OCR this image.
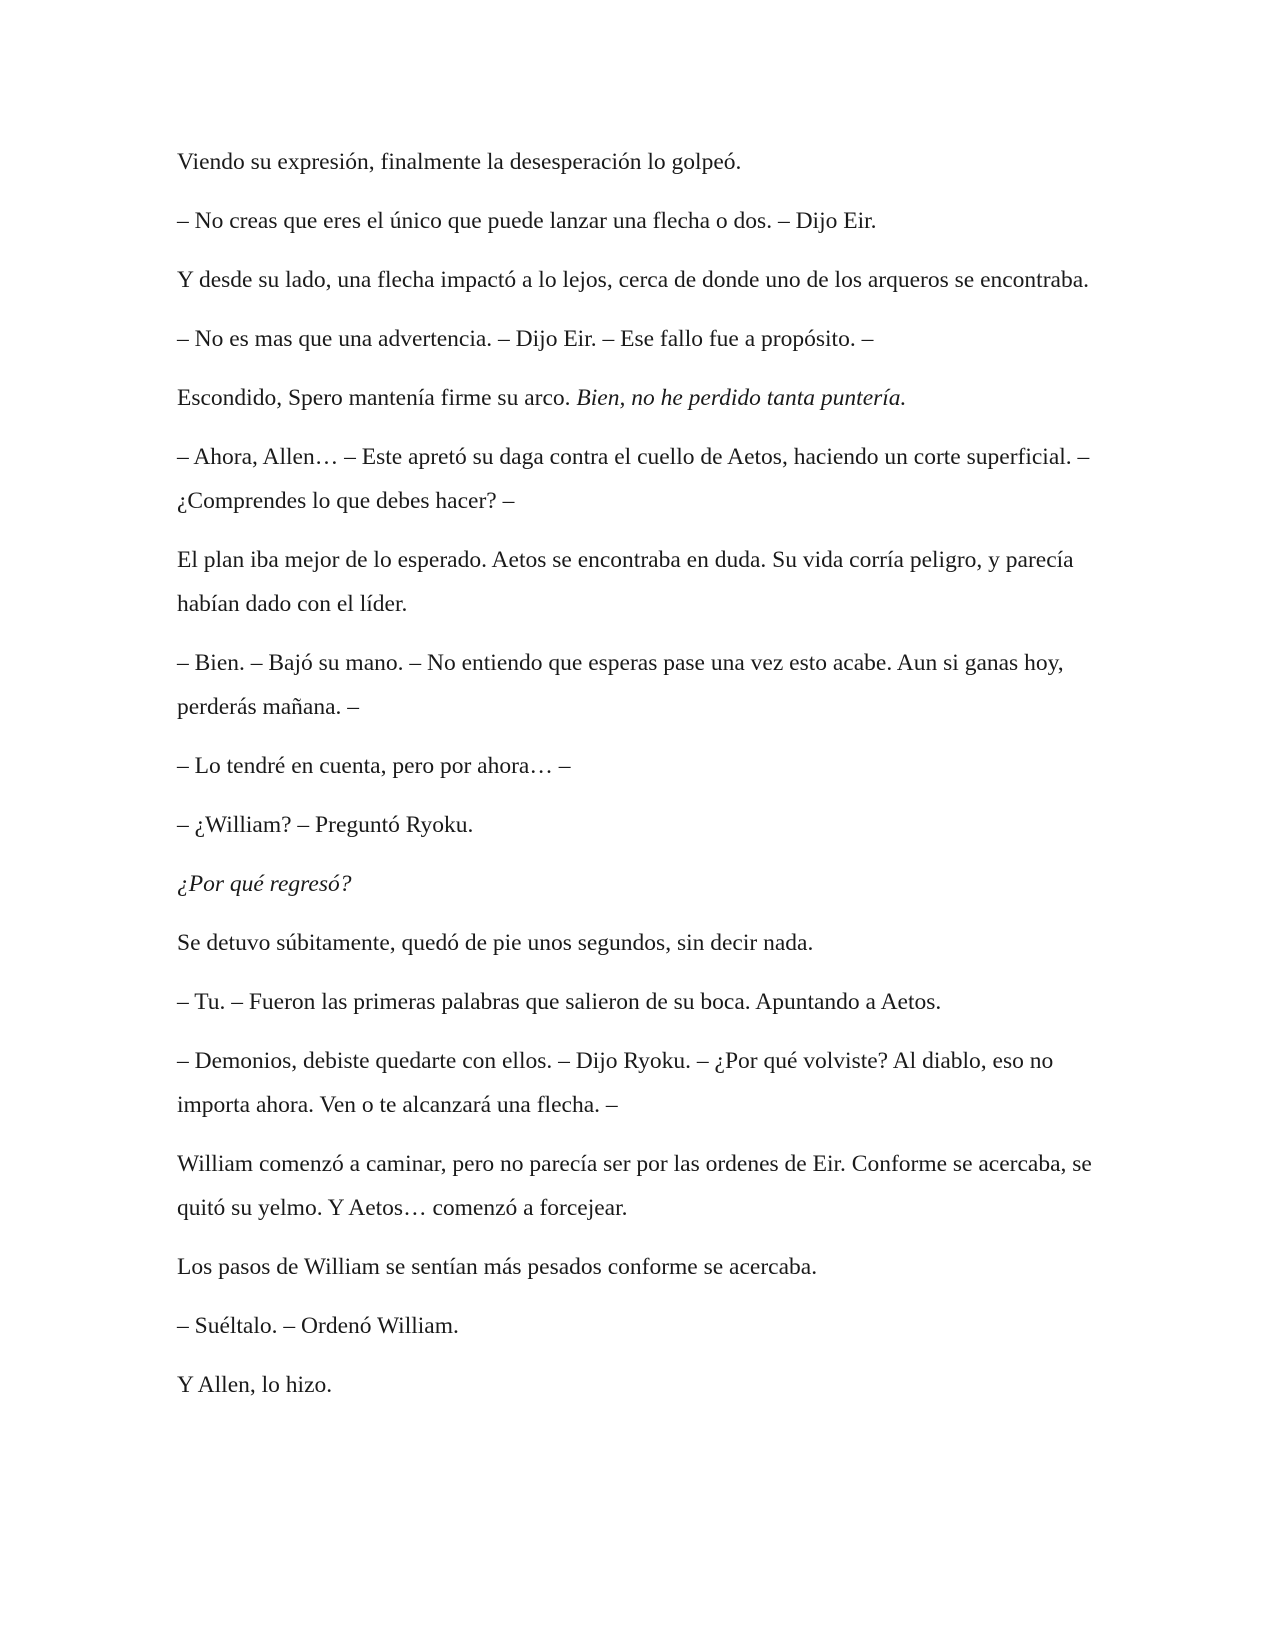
Viendo su expresión, finalmente la desesperación lo golpeó.

– No creas que eres el único que puede lanzar una flecha o dos. – Dijo Eir.

Y desde su lado, una flecha impactó a lo lejos, cerca de donde uno de los arqueros se encontraba.

– No es mas que una advertencia. – Dijo Eir. – Ese fallo fue a propósito. –

Escondido, Spero mantenía firme su arco. Bien, no he perdido tanta puntería.

– Ahora, Allen… – Este apretó su daga contra el cuello de Aetos, haciendo un corte superficial. – ¿Comprendes lo que debes hacer? –

El plan iba mejor de lo esperado. Aetos se encontraba en duda. Su vida corría peligro, y parecía habían dado con el líder.

– Bien. – Bajó su mano. – No entiendo que esperas pase una vez esto acabe. Aun si ganas hoy, perderás mañana. –

– Lo tendré en cuenta, pero por ahora… –

– ¿William? – Preguntó Ryoku.

¿Por qué regresó?

Se detuvo súbitamente, quedó de pie unos segundos, sin decir nada.

– Tu. – Fueron las primeras palabras que salieron de su boca. Apuntando a Aetos.

– Demonios, debiste quedarte con ellos. – Dijo Ryoku. – ¿Por qué volviste? Al diablo, eso no importa ahora. Ven o te alcanzará una flecha. –

William comenzó a caminar, pero no parecía ser por las ordenes de Eir. Conforme se acercaba, se quitó su yelmo. Y Aetos… comenzó a forcejear.

Los pasos de William se sentían más pesados conforme se acercaba.

– Suéltalo. – Ordenó William.

Y Allen, lo hizo.
